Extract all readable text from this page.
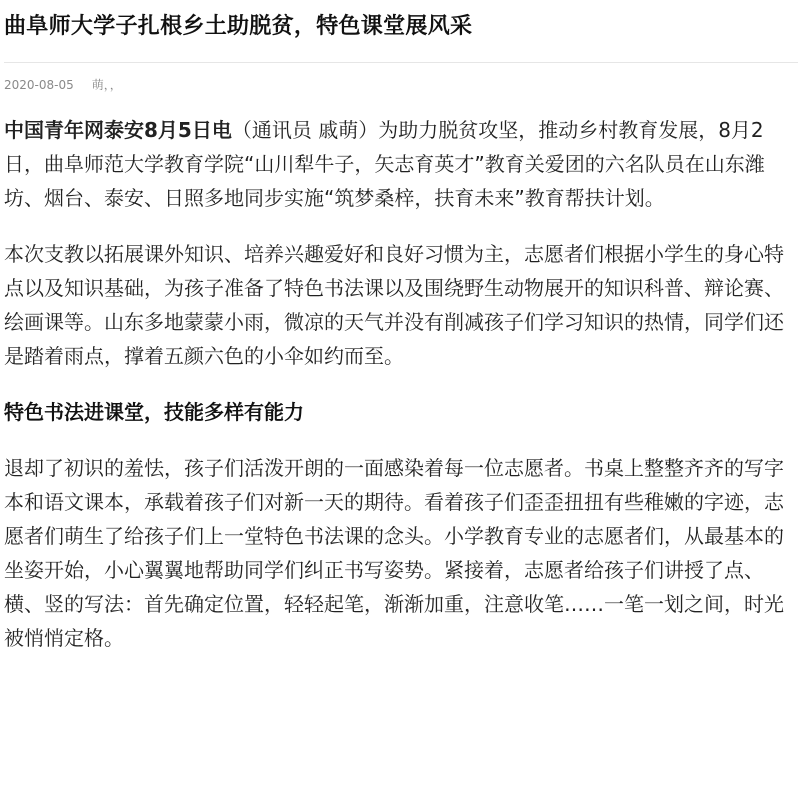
曲阜师大学子扎根乡土助脱贫，特色课堂展风采
2020-08-05 萌，，

中国青年网泰安8月5日电（通讯员 戚萌）为助力脱贫攻坚，推动乡村教育发展，8月2日，曲阜师范大学教育学院“山川犁牛子，矢志育英才”教育关爱团的六名队员在山东潍坊、烟台、泰安、日照多地同步实施“筑梦桑梓，扶育未来”教育帮扶计划。

本次支教以拓展课外知识、培养兴趣爱好和良好习惯为主，志愿者们根据小学生的身心特点以及知识基础，为孩子准备了特色书法课以及围绕野生动物展开的知识科普、辩论赛、绘画课等。山东多地蒙蒙小雨，微凉的天气并没有削减孩子们学习知识的热情，同学们还是踏着雨点，撑着五颜六色的小伞如约而至。

特色书法进课堂，技能多样有能力

退却了初识的羞怯，孩子们活泼开朗的一面感染着每一位志愿者。书桌上整整齐齐的写字本和语文课本，承载着孩子们对新一天的期待。看着孩子们歪歪扭扭有些稚嫩的字迹，志愿者们萌生了给孩子们上一堂特色书法课的念头。小学教育专业的志愿者们，从最基本的坐姿开始，小心翼翼地帮助同学们纠正书写姿势。紧接着，志愿者给孩子们讲授了点、横、竖的写法：首先确定位置，轻轻起笔，渐渐加重，注意收笔……一笔一划之间，时光被悄悄定格。
